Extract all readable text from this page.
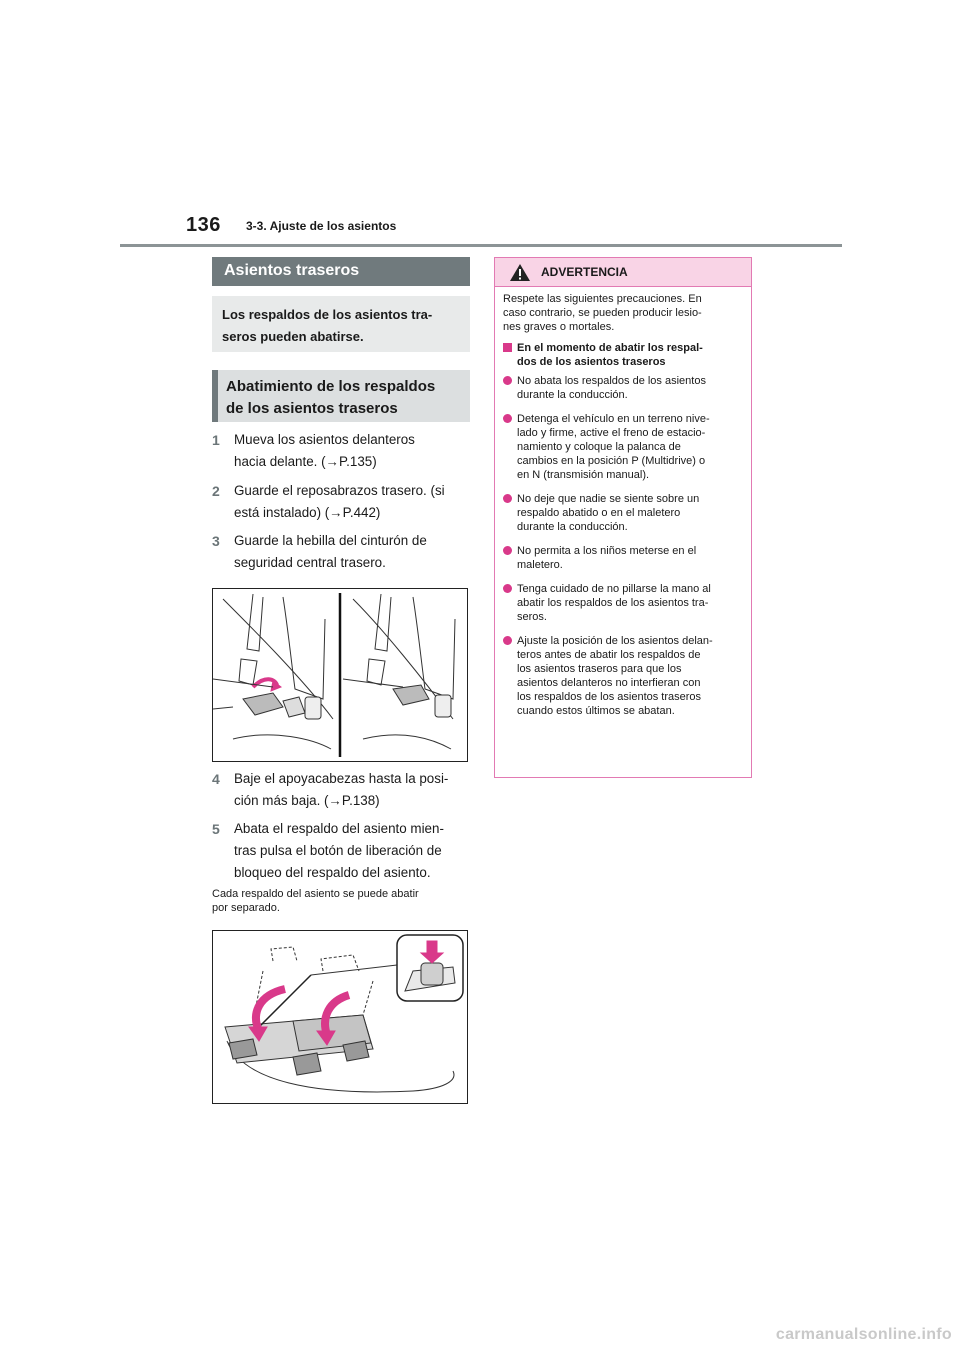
136 3-3. Ajuste de los asientos
Asientos traseros
Los respaldos de los asientos tra-
seros pueden abatirse.
Abatimiento de los respaldos
de los asientos traseros
1	Mueva los asientos delanteros
hacia delante. (→P.135)
2	Guarde el reposabrazos trasero. (si
está instalado) (→P.442)
3	Guarde la hebilla del cinturón de
seguridad central trasero.
4	Baje el apoyacabezas hasta la posi-
ción más baja. (→P.138)
5	Abata el respaldo del asiento mien-
tras pulsa el botón de liberación de
bloqueo del respaldo del asiento.
Cada respaldo del asiento se puede abatir
por separado.
ADVERTENCIA
Respete las siguientes precauciones. En
caso contrario, se pueden producir lesio-
nes graves o mortales.
En el momento de abatir los respal-
dos de los asientos traseros
No abata los respaldos de los asientos
durante la conducción.
Detenga el vehículo en un terreno nive-
lado y firme, active el freno de estacio-
namiento y coloque la palanca de
cambios en la posición P (Multidrive) o
en N (transmisión manual).
No deje que nadie se siente sobre un
respaldo abatido o en el maletero
durante la conducción.
No permita a los niños meterse en el
maletero.
Tenga cuidado de no pillarse la mano al
abatir los respaldos de los asientos tra-
seros.
Ajuste la posición de los asientos delan-
teros antes de abatir los respaldos de
los asientos traseros para que los
asientos delanteros no interfieran con
los respaldos de los asientos traseros
cuando estos últimos se abatan.
carmanualsonline.info
